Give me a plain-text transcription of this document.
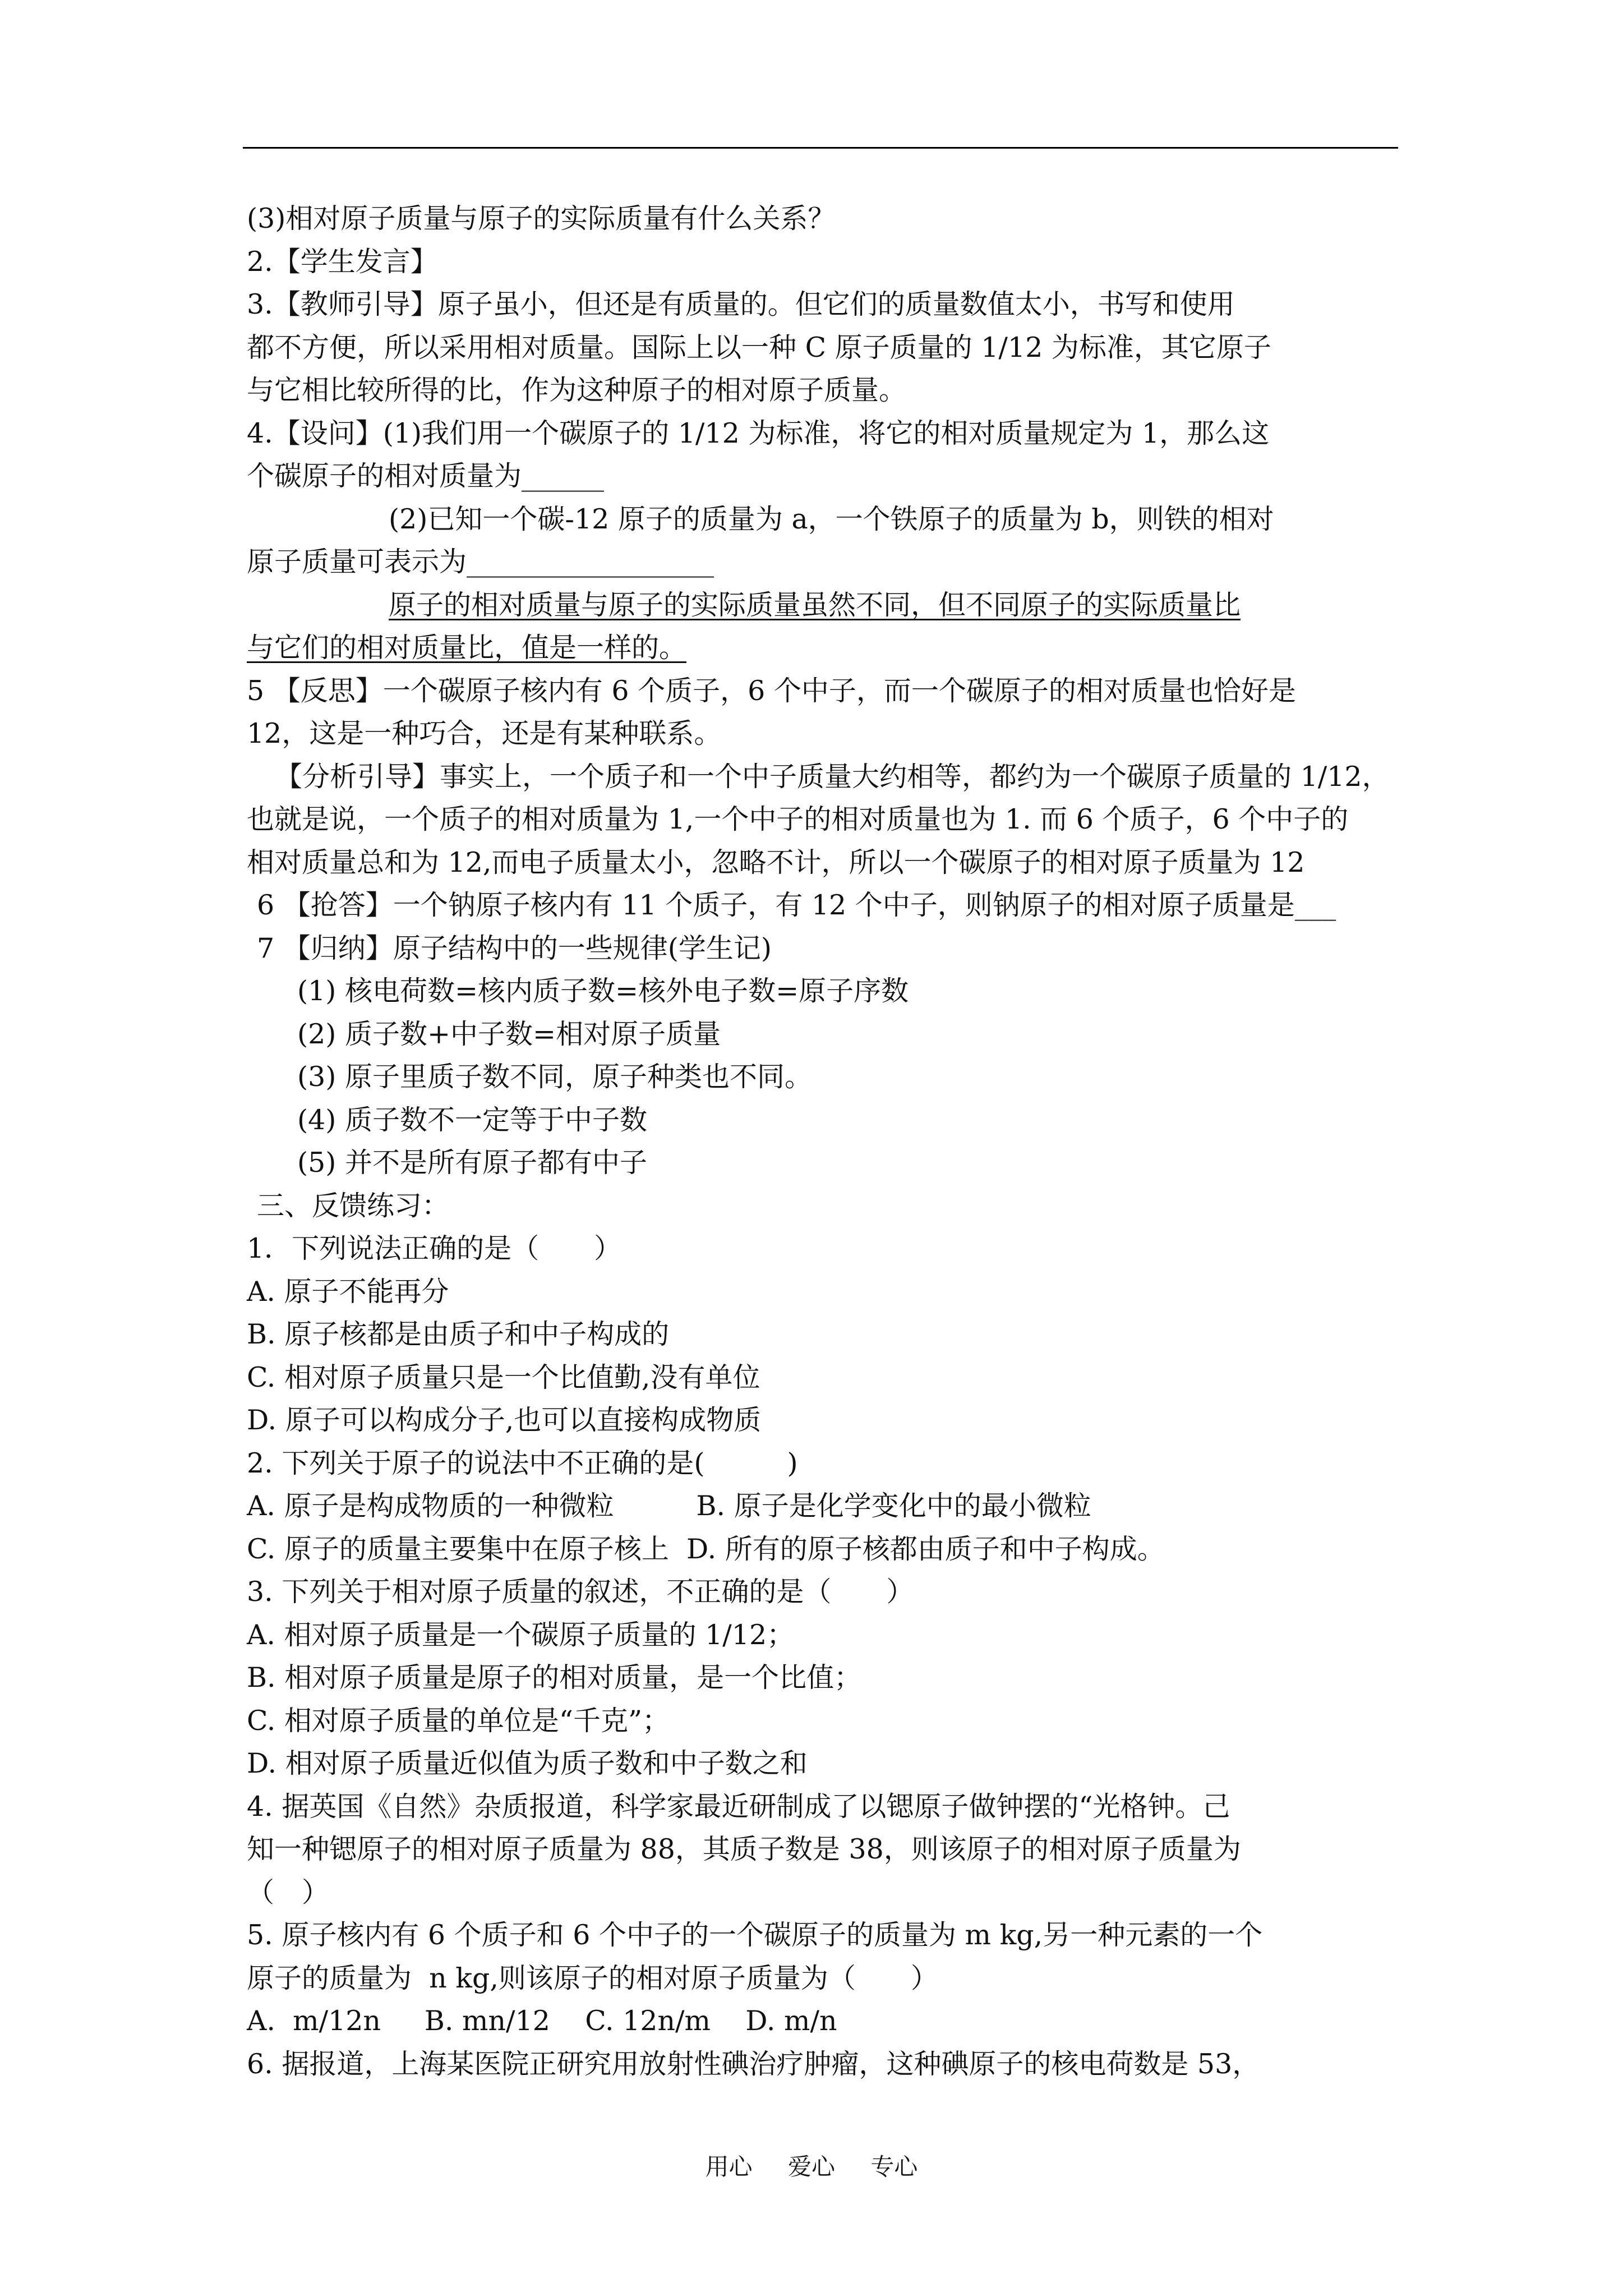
(3)相对原子质量与原子的实际质量有什么关系？
2.【学生发言】
3.【教师引导】原子虽小，但还是有质量的。但它们的质量数值太小，书写和使用
都不方便，所以采用相对质量。国际上以一种 C 原子质量的 1/12 为标准，其它原子
与它相比较所得的比，作为这种原子的相对原子质量。
4.【设问】(1)我们用一个碳原子的 1/12 为标准，将它的相对质量规定为 1，那么这
个碳原子的相对质量为______
(2)已知一个碳-12 原子的质量为 a，一个铁原子的质量为 b，则铁的相对
原子质量可表示为__________________
原子的相对质量与原子的实际质量虽然不同，但不同原子的实际质量比
与它们的相对质量比，值是一样的。
5 【反思】一个碳原子核内有 6 个质子，6 个中子，而一个碳原子的相对质量也恰好是
12，这是一种巧合，还是有某种联系。
【分析引导】事实上，一个质子和一个中子质量大约相等，都约为一个碳原子质量的 1/12，
也就是说，一个质子的相对质量为 1,一个中子的相对质量也为 1. 而 6 个质子，6 个中子的
相对质量总和为 12,而电子质量太小，忽略不计，所以一个碳原子的相对原子质量为 12
6 【抢答】一个钠原子核内有 11 个质子，有 12 个中子，则钠原子的相对原子质量是___
7 【归纳】原子结构中的一些规律(学生记)
(1) 核电荷数=核内质子数=核外电子数=原子序数
(2) 质子数+中子数=相对原子质量
(3) 原子里质子数不同，原子种类也不同。
(4) 质子数不一定等于中子数
(5) 并不是所有原子都有中子
三、反馈练习：
1．下列说法正确的是（　　）
A. 原子不能再分
B. 原子核都是由质子和中子构成的
C. 相对原子质量只是一个比值勤,没有单位
D. 原子可以构成分子,也可以直接构成物质
2. 下列关于原子的说法中不正确的是(　　　)
A. 原子是构成物质的一种微粒　　　B. 原子是化学变化中的最小微粒
C. 原子的质量主要集中在原子核上  D. 所有的原子核都由质子和中子构成。
3. 下列关于相对原子质量的叙述，不正确的是（　　）
A. 相对原子质量是一个碳原子质量的 1/12；
B. 相对原子质量是原子的相对质量，是一个比值；
C. 相对原子质量的单位是“千克”；
D. 相对原子质量近似值为质子数和中子数之和
4. 据英国《自然》杂质报道，科学家最近研制成了以锶原子做钟摆的“光格钟。己
知一种锶原子的相对原子质量为 88，其质子数是 38，则该原子的相对原子质量为
（　）
5. 原子核内有 6 个质子和 6 个中子的一个碳原子的质量为 m kg,另一种元素的一个
原子的质量为  n kg,则该原子的相对原子质量为（　　）
A.  m/12n     B. mn/12    C. 12n/m    D. m/n
6. 据报道，上海某医院正研究用放射性碘治疗肿瘤，这种碘原子的核电荷数是 53，
用心 爱心 专心
